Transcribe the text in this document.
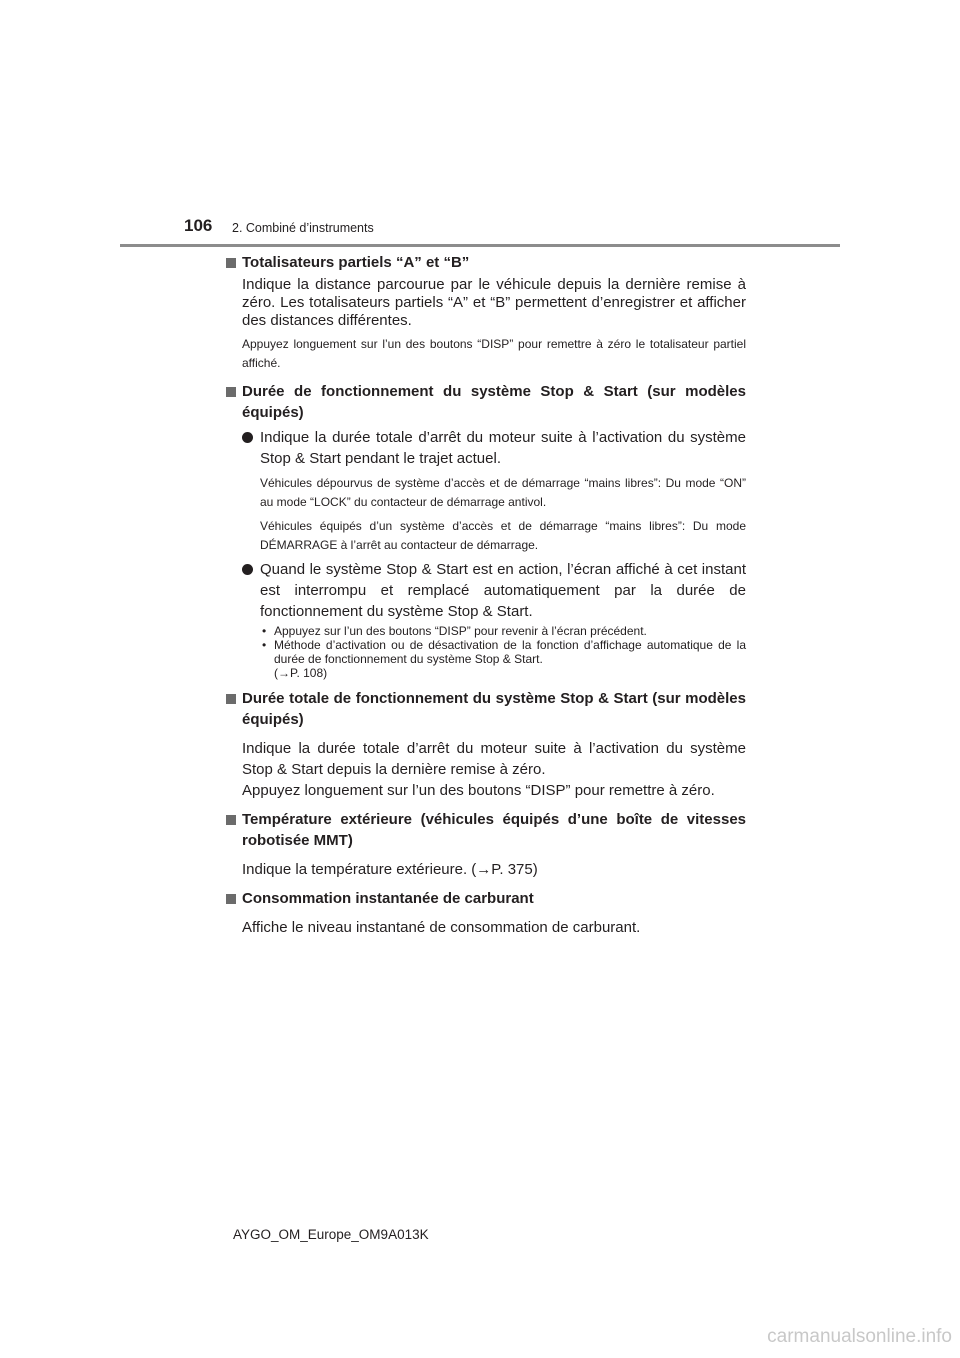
106 2. Combiné d’instruments
Totalisateurs partiels “A” et “B”
Indique la distance parcourue par le véhicule depuis la dernière remise à zéro. Les totalisateurs partiels “A” et “B” permettent d’enregistrer et afficher des distances différentes.
Appuyez longuement sur l’un des boutons “DISP” pour remettre à zéro le totalisateur partiel affiché.
Durée de fonctionnement du système Stop & Start (sur modèles équipés)
Indique la durée totale d’arrêt du moteur suite à l’activation du système Stop & Start pendant le trajet actuel.
Véhicules dépourvus de système d’accès et de démarrage “mains libres”: Du mode “ON” au mode “LOCK” du contacteur de démarrage antivol.
Véhicules équipés d’un système d’accès et de démarrage “mains libres”: Du mode DÉMARRAGE à l’arrêt au contacteur de démarrage.
Quand le système Stop & Start est en action, l’écran affiché à cet instant est interrompu et remplacé automatiquement par la durée de fonctionnement du système Stop & Start.
• Appuyez sur l’un des boutons “DISP” pour revenir à l’écran précédent.
• Méthode d’activation ou de désactivation de la fonction d’affichage automatique de la durée de fonctionnement du système Stop & Start.
(→P. 108)
Durée totale de fonctionnement du système Stop & Start (sur modèles équipés)
Indique la durée totale d’arrêt du moteur suite à l’activation du système Stop & Start depuis la dernière remise à zéro.
Appuyez longuement sur l’un des boutons “DISP” pour remettre à zéro.
Température extérieure (véhicules équipés d’une boîte de vitesses robotisée MMT)
Indique la température extérieure. (→P. 375)
Consommation instantanée de carburant
Affiche le niveau instantané de consommation de carburant.
AYGO_OM_Europe_OM9A013K
carmanualsonline.info
